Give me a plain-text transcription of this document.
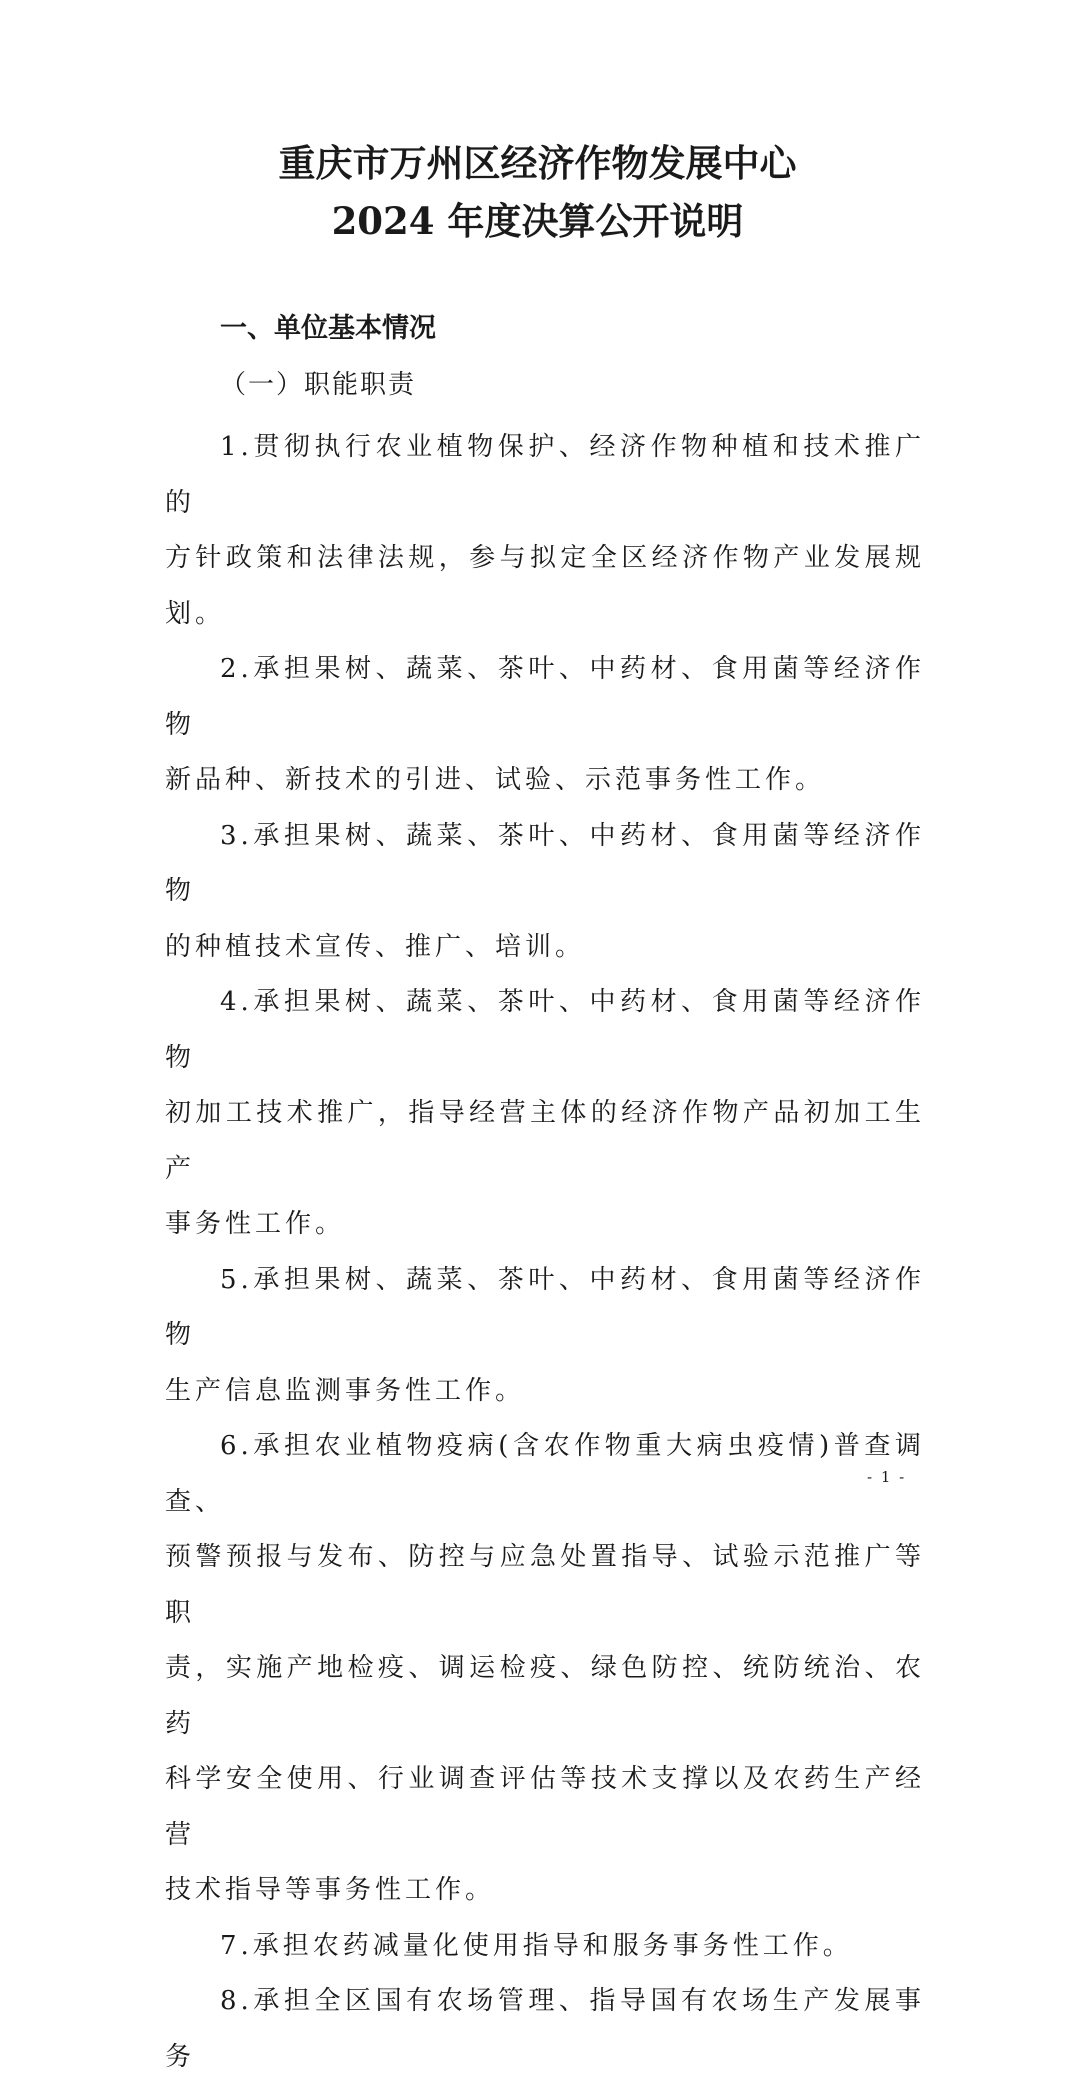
重庆市万州区经济作物发展中心
2024 年度决算公开说明
一、单位基本情况
（一）职能职责

1.贯彻执行农业植物保护、经济作物种植和技术推广的
方针政策和法律法规，参与拟定全区经济作物产业发展规划。

2.承担果树、蔬菜、茶叶、中药材、食用菌等经济作物
新品种、新技术的引进、试验、示范事务性工作。

3.承担果树、蔬菜、茶叶、中药材、食用菌等经济作物
的种植技术宣传、推广、培训。

4.承担果树、蔬菜、茶叶、中药材、食用菌等经济作物
初加工技术推广，指导经营主体的经济作物产品初加工生产
事务性工作。

5.承担果树、蔬菜、茶叶、中药材、食用菌等经济作物
生产信息监测事务性工作。

6.承担农业植物疫病(含农作物重大病虫疫情)普查调查、
预警预报与发布、防控与应急处置指导、试验示范推广等职
责，实施产地检疫、调运检疫、绿色防控、统防统治、农药
科学安全使用、行业调查评估等技术支撑以及农药生产经营
技术指导等事务性工作。

7.承担农药减量化使用指导和服务事务性工作。

8.承担全区国有农场管理、指导国有农场生产发展事务

- 1 -
